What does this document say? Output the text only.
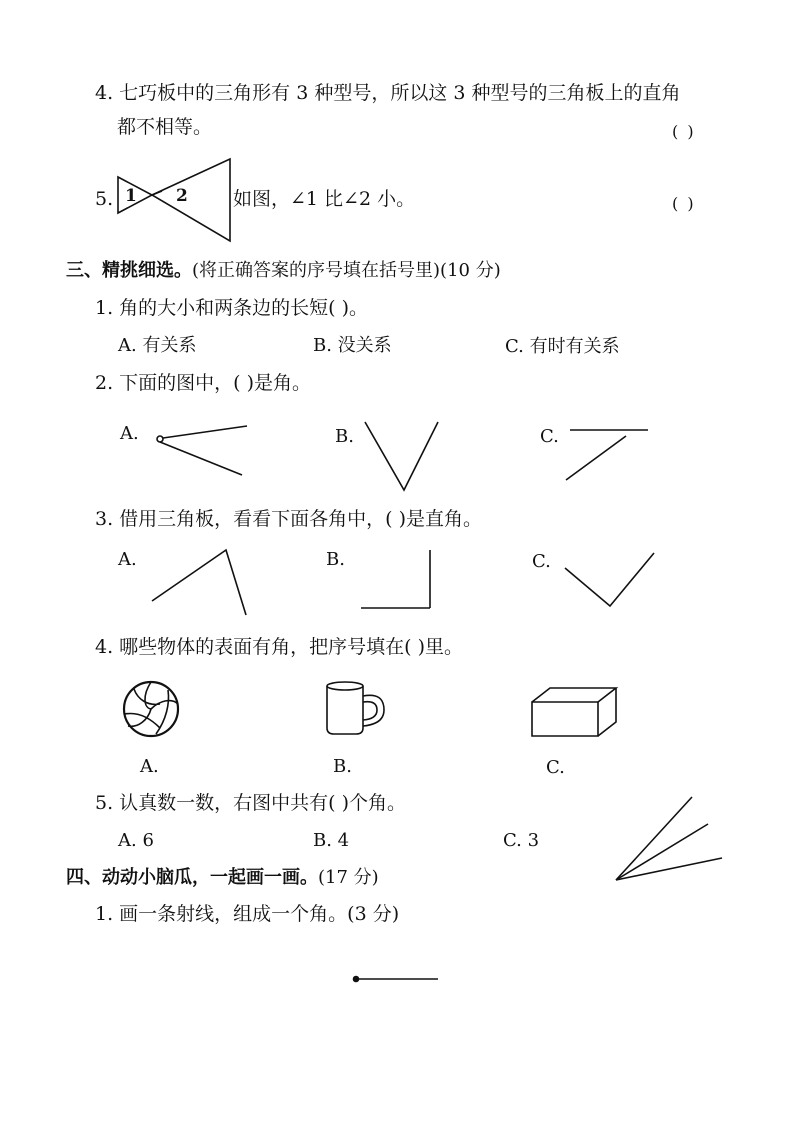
4. 七巧板中的三角形有 3 种型号，所以这 3 种型号的三角板上的直角
都不相等。	( )
5. 1 2 如图，∠1 比∠2 小。	( )
三、精挑细选。(将正确答案的序号填在括号里)(10 分)
1. 角的大小和两条边的长短( )。
A. 有关系	B. 没关系	C. 有时有关系
2. 下面的图中，( )是角。
A.	B.	C.
3. 借用三角板，看看下面各角中，( )是直角。
A.	B.	C.
4. 哪些物体的表面有角，把序号填在( )里。
A.	B.	C.
5. 认真数一数，右图中共有( )个角。
A. 6	B. 4	C. 3
四、动动小脑瓜，一起画一画。(17 分)
1. 画一条射线，组成一个角。(3 分)
